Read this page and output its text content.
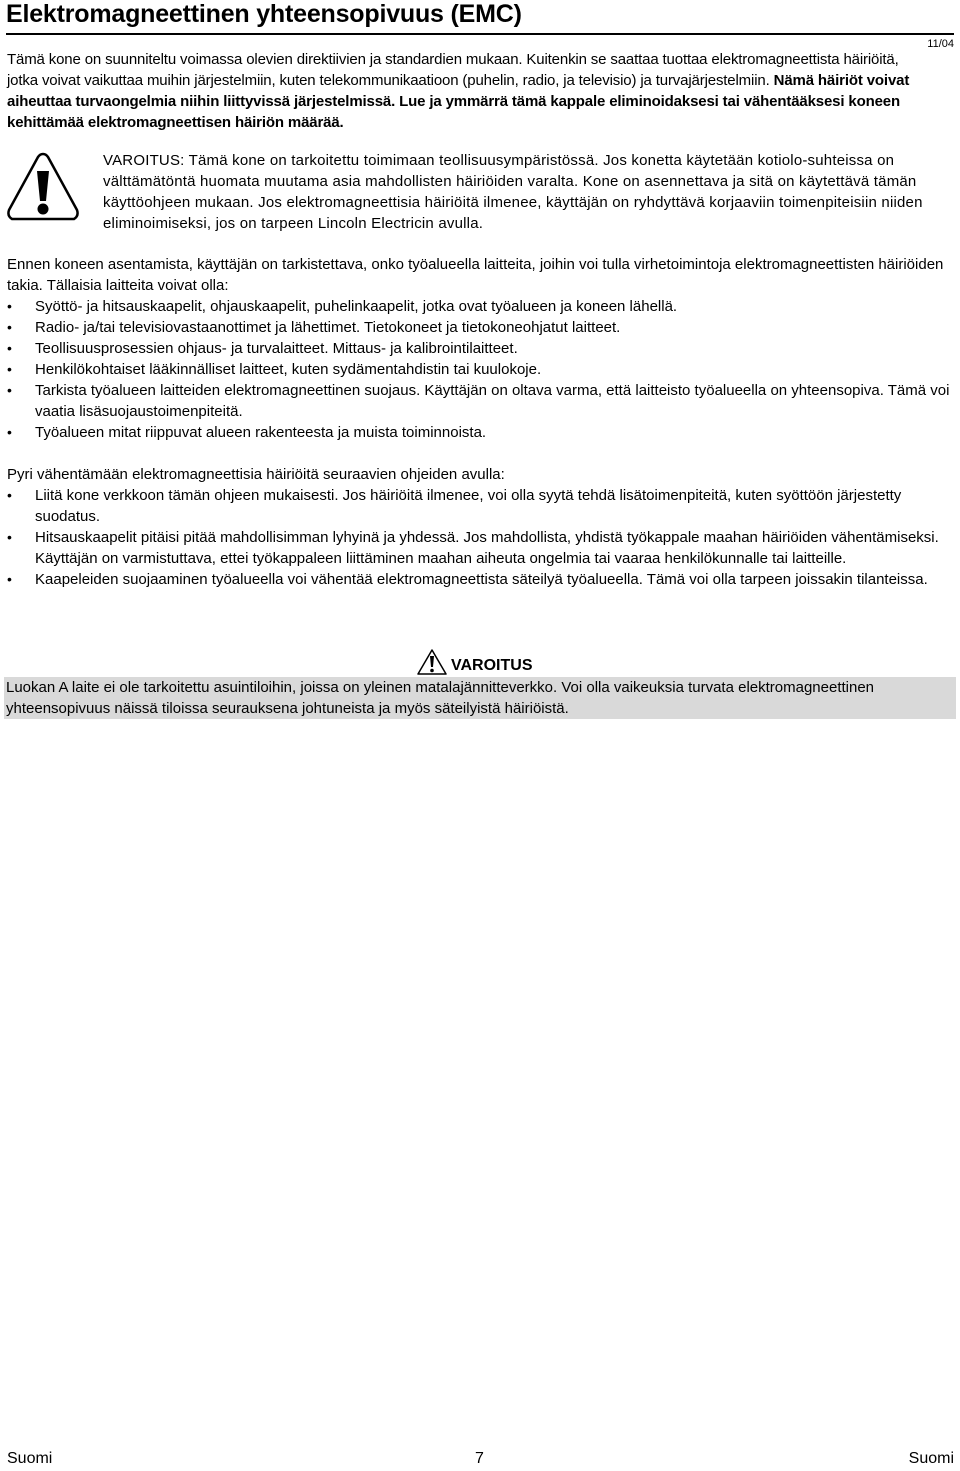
Elektromagneettinen yhteensopivuus (EMC)
11/04

Tämä kone on suunniteltu voimassa olevien direktiivien ja standardien mukaan. Kuitenkin se saattaa tuottaa elektromagneettista häiriöitä, jotka voivat vaikuttaa muihin järjestelmiin, kuten telekommunikaatioon (puhelin, radio, ja televisio) ja turvajärjestelmiin. Nämä häiriöt voivat aiheuttaa turvaongelmia niihin liittyvissä järjestelmissä. Lue ja ymmärrä tämä kappale eliminoidaksesi tai vähentääksesi koneen kehittämää elektromagneettisen häiriön määrää.

VAROITUS: Tämä kone on tarkoitettu toimimaan teollisuusympäristössä. Jos konetta käytetään kotiolo-suhteissa on välttämätöntä huomata muutama asia mahdollisten häiriöiden varalta. Kone on asennettava ja sitä on käytettävä tämän käyttöohjeen mukaan. Jos elektromagneettisia häiriöitä ilmenee, käyttäjän on ryhdyttävä korjaaviin toimenpiteisiin niiden eliminoimiseksi, jos on tarpeen Lincoln Electricin avulla.

Ennen koneen asentamista, käyttäjän on tarkistettava, onko työalueella laitteita, joihin voi tulla virhetoimintoja elektromagneettisten häiriöiden takia. Tällaisia laitteita voivat olla:

•	Syöttö- ja hitsauskaapelit, ohjauskaapelit, puhelinkaapelit, jotka ovat työalueen ja koneen lähellä.
•	Radio- ja/tai televisiovastaanottimet ja lähettimet. Tietokoneet ja tietokoneohjatut laitteet.
•	Teollisuusprosessien ohjaus- ja turvalaitteet. Mittaus- ja kalibrointilaitteet.
•	Henkilökohtaiset lääkinnälliset laitteet, kuten sydämentahdistin tai kuulokoje.
•	Tarkista työalueen laitteiden elektromagneettinen suojaus. Käyttäjän on oltava varma, että laitteisto työalueella on yhteensopiva. Tämä voi vaatia lisäsuojaustoimenpiteitä.
•	Työalueen mitat riippuvat alueen rakenteesta ja muista toiminnoista.

Pyri vähentämään elektromagneettisia häiriöitä seuraavien ohjeiden avulla:

•	Liitä kone verkkoon tämän ohjeen mukaisesti. Jos häiriöitä ilmenee, voi olla syytä tehdä lisätoimenpiteitä, kuten syöttöön järjestetty suodatus.
•	Hitsauskaapelit pitäisi pitää mahdollisimman lyhyinä ja yhdessä. Jos mahdollista, yhdistä työkappale maahan häiriöiden vähentämiseksi. Käyttäjän on varmistuttava, ettei työkappaleen liittäminen maahan aiheuta ongelmia tai vaaraa henkilökunnalle tai laitteille.
•	Kaapeleiden suojaaminen työalueella voi vähentää elektromagneettista säteilyä työalueella. Tämä voi olla tarpeen joissakin tilanteissa.
VAROITUS

Luokan A laite ei ole tarkoitettu asuintiloihin, joissa on yleinen matalajännitteverkko. Voi olla vaikeuksia turvata elektromagneettinen yhteensopivuus näissä tiloissa seurauksena johtuneista ja myös säteilyistä häiriöistä.

Suomi	7	Suomi
